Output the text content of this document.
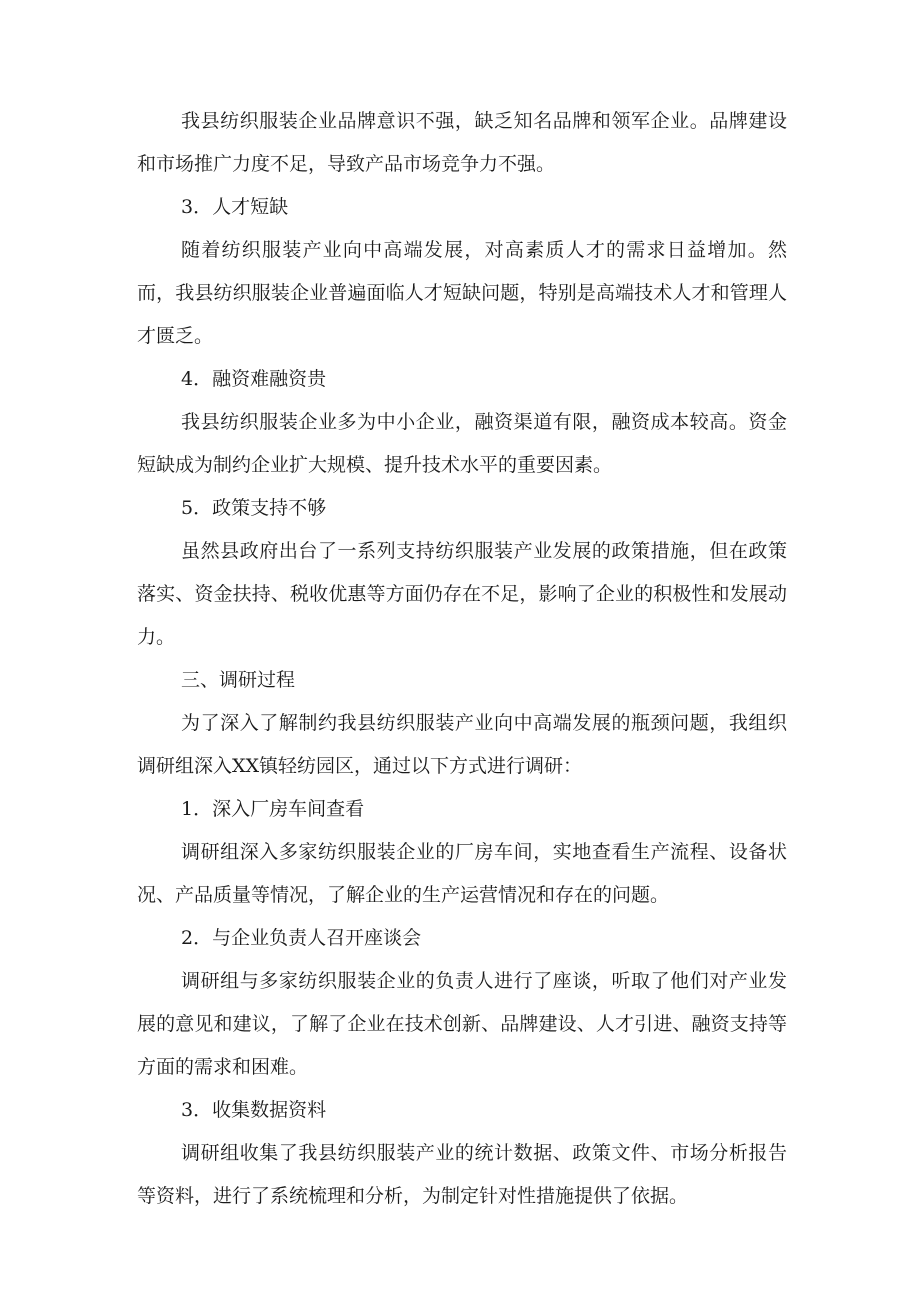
我县纺织服装企业品牌意识不强，缺乏知名品牌和领军企业。品牌建设和市场推广力度不足，导致产品市场竞争力不强。

3．人才短缺

随着纺织服装产业向中高端发展，对高素质人才的需求日益增加。然而，我县纺织服装企业普遍面临人才短缺问题，特别是高端技术人才和管理人才匮乏。

4．融资难融资贵

我县纺织服装企业多为中小企业，融资渠道有限，融资成本较高。资金短缺成为制约企业扩大规模、提升技术水平的重要因素。

5．政策支持不够

虽然县政府出台了一系列支持纺织服装产业发展的政策措施，但在政策落实、资金扶持、税收优惠等方面仍存在不足，影响了企业的积极性和发展动力。

三、调研过程

为了深入了解制约我县纺织服装产业向中高端发展的瓶颈问题，我组织调研组深入XX镇轻纺园区，通过以下方式进行调研：

1．深入厂房车间查看

调研组深入多家纺织服装企业的厂房车间，实地查看生产流程、设备状况、产品质量等情况，了解企业的生产运营情况和存在的问题。

2．与企业负责人召开座谈会

调研组与多家纺织服装企业的负责人进行了座谈，听取了他们对产业发展的意见和建议，了解了企业在技术创新、品牌建设、人才引进、融资支持等方面的需求和困难。

3．收集数据资料

调研组收集了我县纺织服装产业的统计数据、政策文件、市场分析报告等资料，进行了系统梳理和分析，为制定针对性措施提供了依据。
